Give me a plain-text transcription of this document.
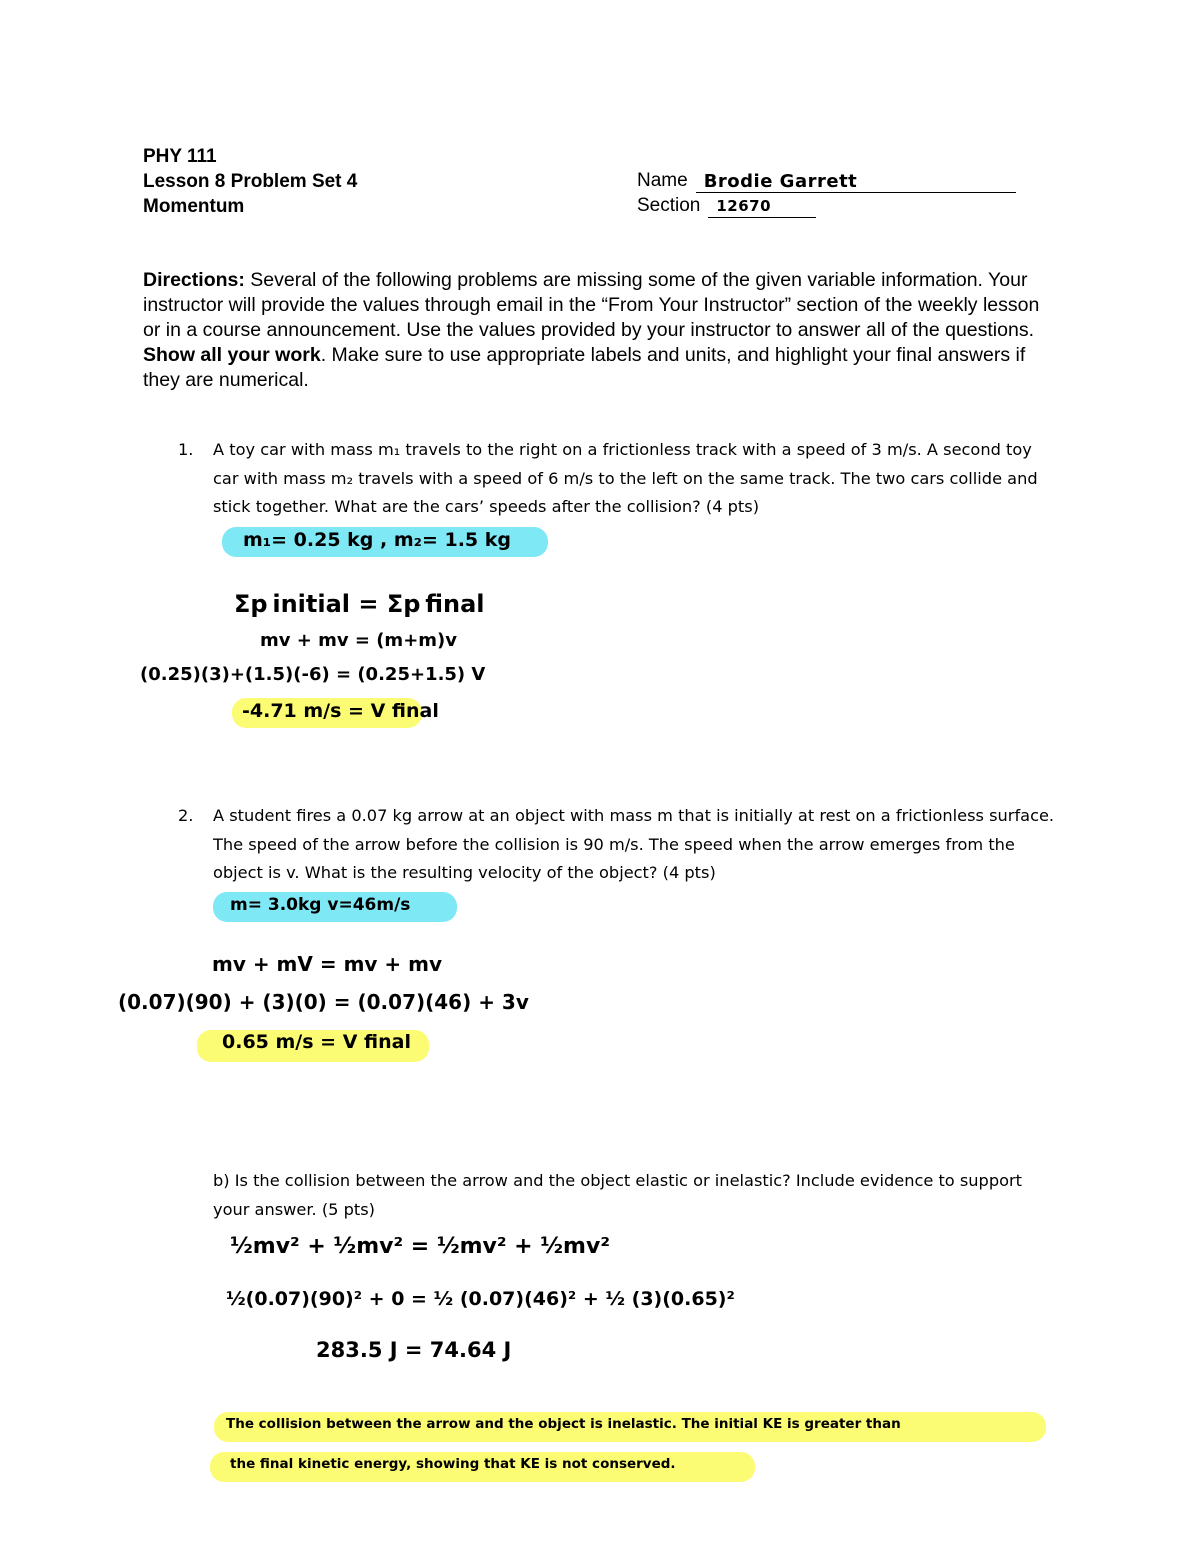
PHY 111
Lesson 8 Problem Set 4
Momentum
Name Brodie Garrett
Section 12670
Directions: Several of the following problems are missing some of the given variable information. Your instructor will provide the values through email in the “From Your Instructor” section of the weekly lesson or in a course announcement. Use the values provided by your instructor to answer all of the questions. Show all your work. Make sure to use appropriate labels and units, and highlight your final answers if they are numerical.
1. A toy car with mass m₁ travels to the right on a frictionless track with a speed of 3 m/s. A second toy car with mass m₂ travels with a speed of 6 m/s to the left on the same track. The two cars collide and stick together. What are the cars’ speeds after the collision? (4 pts)
m₁= 0.25 kg , m₂= 1.5 kg
Σp initial = Σp final
mv + mv = (m+m)v
(0.25)(3)+(1.5)(-6) = (0.25+1.5) V
-4.71 m/s = V final
2. A student fires a 0.07 kg arrow at an object with mass m that is initially at rest on a frictionless surface. The speed of the arrow before the collision is 90 m/s. The speed when the arrow emerges from the object is v. What is the resulting velocity of the object? (4 pts)
m= 3.0kg v=46m/s
mv + mV = mv + mv
(0.07)(90) + (3)(0) = (0.07)(46) + 3v
0.65 m/s = V final
b) Is the collision between the arrow and the object elastic or inelastic? Include evidence to support your answer. (5 pts)
½mv² + ½mv² = ½mv² + ½mv²
½(0.07)(90)² + 0 = ½ (0.07)(46)² + ½ (3)(0.65)²
283.5 J = 74.64 J
The collision between the arrow and the object is inelastic. The initial KE is greater than
the final kinetic energy, showing that KE is not conserved.
